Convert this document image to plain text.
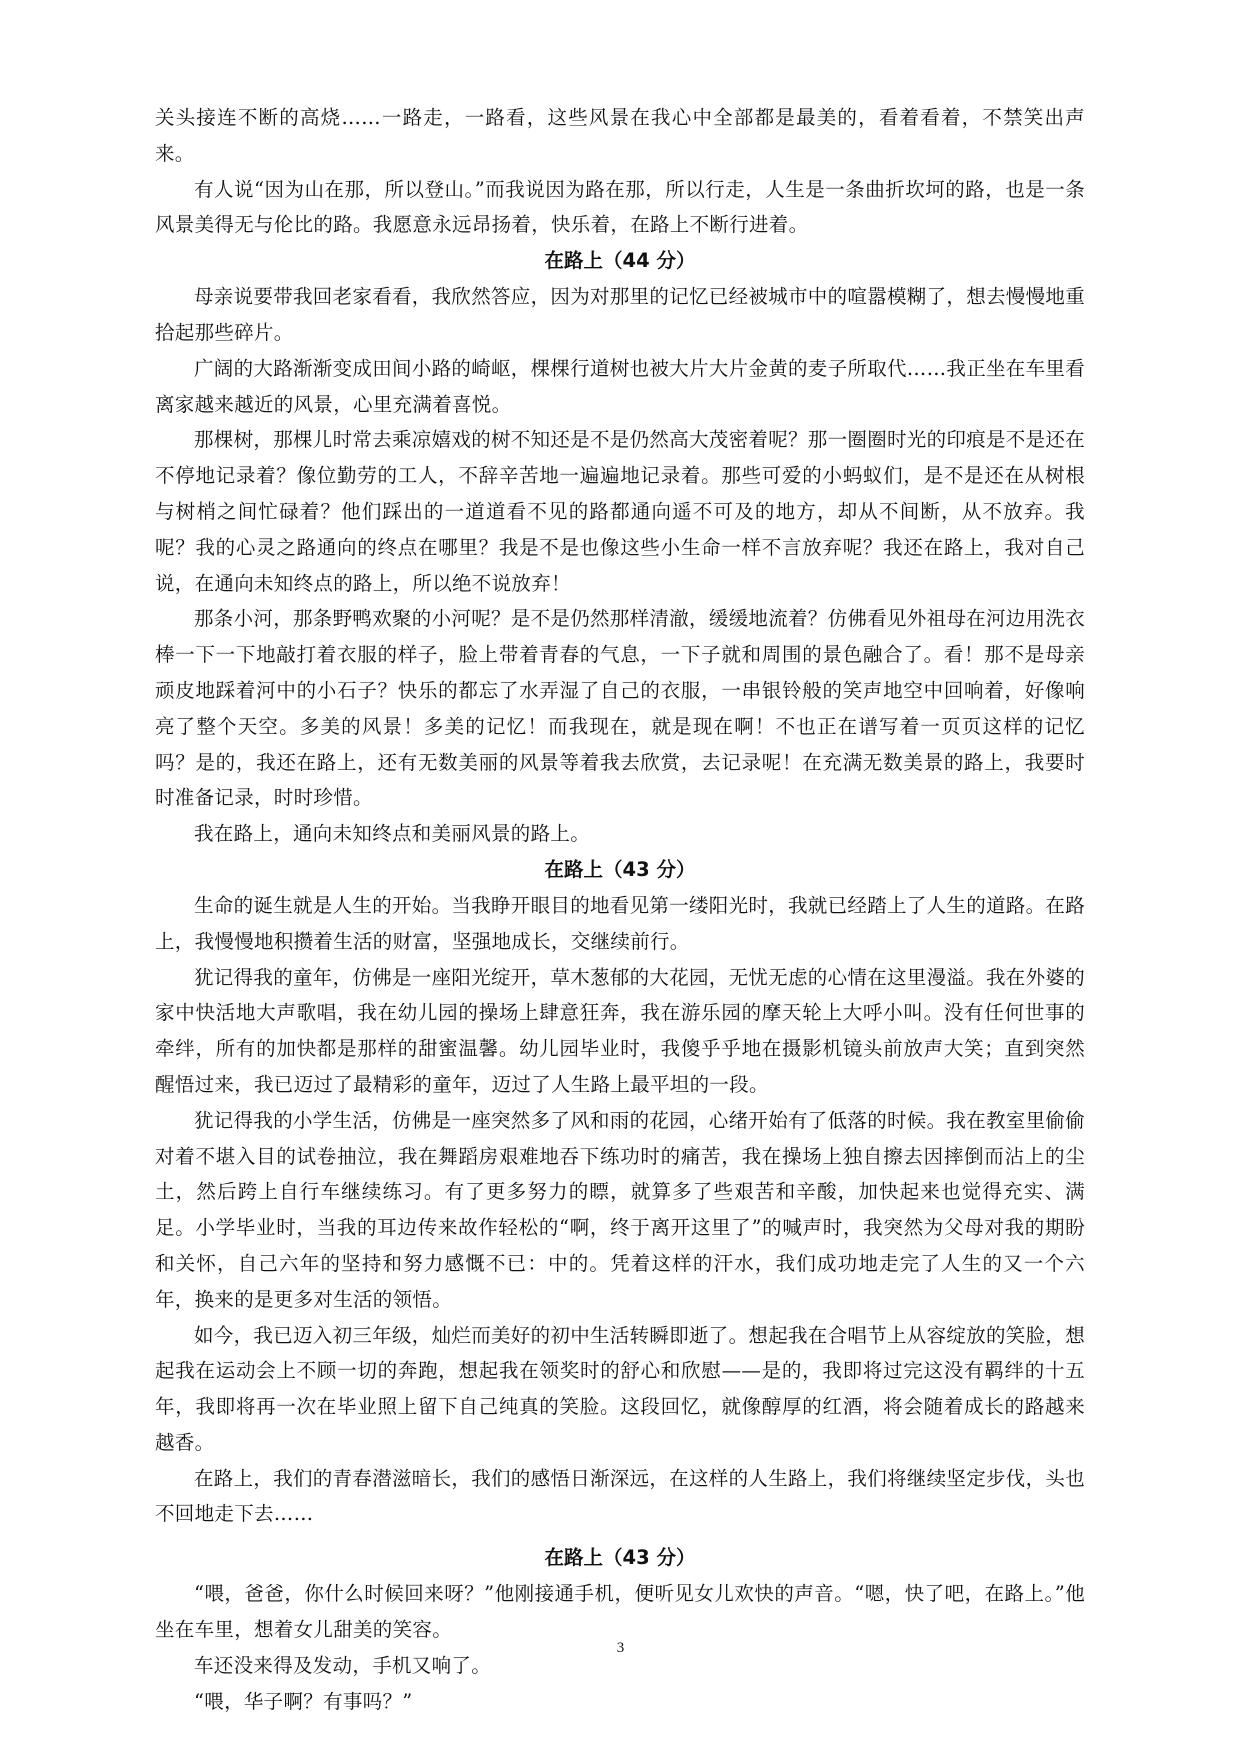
关头接连不断的高烧……一路走，一路看，这些风景在我心中全部都是最美的，看着看着，不禁笑出声来。

有人说“因为山在那，所以登山。”而我说因为路在那，所以行走，人生是一条曲折坎坷的路，也是一条风景美得无与伦比的路。我愿意永远昂扬着，快乐着，在路上不断行进着。

在路上（44 分）

母亲说要带我回老家看看，我欣然答应，因为对那里的记忆已经被城市中的喧嚣模糊了，想去慢慢地重拾起那些碎片。

广阔的大路渐渐变成田间小路的崎岖，棵棵行道树也被大片大片金黄的麦子所取代……我正坐在车里看离家越来越近的风景，心里充满着喜悦。

那棵树，那棵儿时常去乘凉嬉戏的树不知还是不是仍然高大茂密着呢？那一圈圈时光的印痕是不是还在不停地记录着？像位勤劳的工人，不辞辛苦地一遍遍地记录着。那些可爱的小蚂蚁们，是不是还在从树根与树梢之间忙碌着？他们踩出的一道道看不见的路都通向遥不可及的地方，却从不间断，从不放弃。我呢？我的心灵之路通向的终点在哪里？我是不是也像这些小生命一样不言放弃呢？我还在路上，我对自己说，在通向未知终点的路上，所以绝不说放弃！

那条小河，那条野鸭欢聚的小河呢？是不是仍然那样清澈，缓缓地流着？仿佛看见外祖母在河边用洗衣棒一下一下地敲打着衣服的样子，脸上带着青春的气息，一下子就和周围的景色融合了。看！那不是母亲顽皮地踩着河中的小石子？快乐的都忘了水弄湿了自己的衣服，一串银铃般的笑声地空中回响着，好像响亮了整个天空。多美的风景！多美的记忆！而我现在，就是现在啊！不也正在谱写着一页页这样的记忆吗？是的，我还在路上，还有无数美丽的风景等着我去欣赏，去记录呢！在充满无数美景的路上，我要时时准备记录，时时珍惜。

我在路上，通向未知终点和美丽风景的路上。

在路上（43 分）

生命的诞生就是人生的开始。当我睁开眼目的地看见第一缕阳光时，我就已经踏上了人生的道路。在路上，我慢慢地积攒着生活的财富，坚强地成长，交继续前行。

犹记得我的童年，仿佛是一座阳光绽开，草木葱郁的大花园，无忧无虑的心情在这里漫溢。我在外婆的家中快活地大声歌唱，我在幼儿园的操场上肆意狂奔，我在游乐园的摩天轮上大呼小叫。没有任何世事的牵绊，所有的加快都是那样的甜蜜温馨。幼儿园毕业时，我傻乎乎地在摄影机镜头前放声大笑；直到突然醒悟过来，我已迈过了最精彩的童年，迈过了人生路上最平坦的一段。

犹记得我的小学生活，仿佛是一座突然多了风和雨的花园，心绪开始有了低落的时候。我在教室里偷偷对着不堪入目的试卷抽泣，我在舞蹈房艰难地吞下练功时的痛苦，我在操场上独自擦去因摔倒而沾上的尘土，然后跨上自行车继续练习。有了更多努力的瞟，就算多了些艰苦和辛酸，加快起来也觉得充实、满足。小学毕业时，当我的耳边传来故作轻松的“啊，终于离开这里了”的喊声时，我突然为父母对我的期盼和关怀，自己六年的坚持和努力感慨不已：中的。凭着这样的汗水，我们成功地走完了人生的又一个六年，换来的是更多对生活的领悟。

如今，我已迈入初三年级，灿烂而美好的初中生活转瞬即逝了。想起我在合唱节上从容绽放的笑脸，想起我在运动会上不顾一切的奔跑，想起我在领奖时的舒心和欣慰——是的，我即将过完这没有羁绊的十五年，我即将再一次在毕业照上留下自己纯真的笑脸。这段回忆，就像醇厚的红酒，将会随着成长的路越来越香。

在路上，我们的青春潜滋暗长，我们的感悟日渐深远，在这样的人生路上，我们将继续坚定步伐，头也不回地走下去……

在路上（43 分）

“喂，爸爸，你什么时候回来呀？”他刚接通手机，便听见女儿欢快的声音。“嗯，快了吧，在路上。”他坐在车里，想着女儿甜美的笑容。

车还没来得及发动，手机又响了。

“喂，华子啊？有事吗？”

3
